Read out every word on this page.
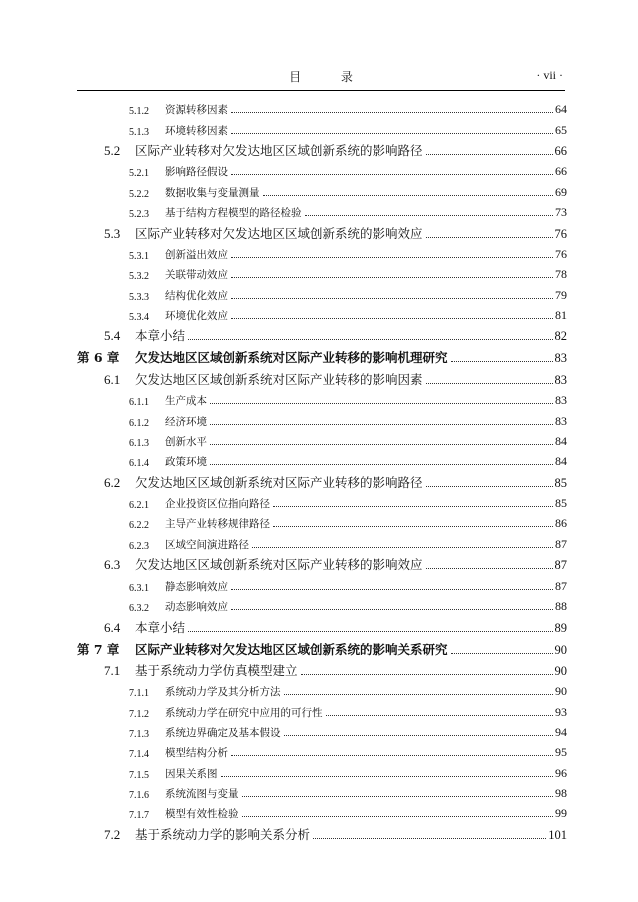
目 录	· vii ·
5.1.2	资源转移因素	64
5.1.3	环境转移因素	65
5.2	区际产业转移对欠发达地区区域创新系统的影响路径	66
5.2.1	影响路径假设	66
5.2.2	数据收集与变量测量	69
5.2.3	基于结构方程模型的路径检验	73
5.3	区际产业转移对欠发达地区区域创新系统的影响效应	76
5.3.1	创新溢出效应	76
5.3.2	关联带动效应	78
5.3.3	结构优化效应	79
5.3.4	环境优化效应	81
5.4	本章小结	82
第 6 章	欠发达地区区域创新系统对区际产业转移的影响机理研究	83
6.1	欠发达地区区域创新系统对区际产业转移的影响因素	83
6.1.1	生产成本	83
6.1.2	经济环境	83
6.1.3	创新水平	84
6.1.4	政策环境	84
6.2	欠发达地区区域创新系统对区际产业转移的影响路径	85
6.2.1	企业投资区位指向路径	85
6.2.2	主导产业转移规律路径	86
6.2.3	区域空间演进路径	87
6.3	欠发达地区区域创新系统对区际产业转移的影响效应	87
6.3.1	静态影响效应	87
6.3.2	动态影响效应	88
6.4	本章小结	89
第 7 章	区际产业转移对欠发达地区区域创新系统的影响关系研究	90
7.1	基于系统动力学仿真模型建立	90
7.1.1	系统动力学及其分析方法	90
7.1.2	系统动力学在研究中应用的可行性	93
7.1.3	系统边界确定及基本假设	94
7.1.4	模型结构分析	95
7.1.5	因果关系图	96
7.1.6	系统流图与变量	98
7.1.7	模型有效性检验	99
7.2	基于系统动力学的影响关系分析	101
